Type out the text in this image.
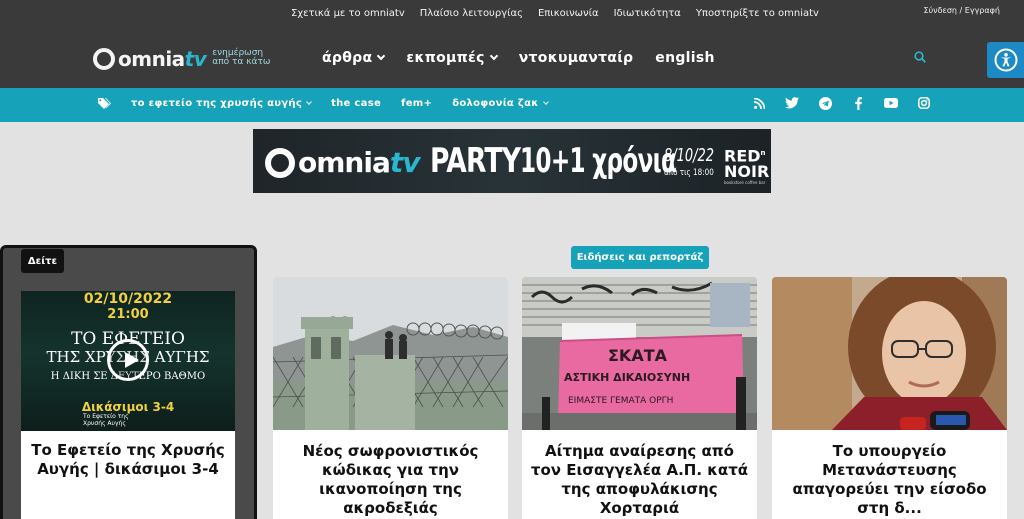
Σχετικά με το omniatv Πλαίσιο λειτουργίας Επικοινωνία Ιδιωτικότητα Υποστηρίξτε το omniatv	Σύνδεση / Εγγραφή
omniatv ενημέρωση
από τα κάτω	άρθρα εκπομπές ντοκυμανταίρ english
το εφετείο της χρυσής αυγής	the case fem+ δολοφονία ζακ
omniatv PARTY 10+1 χρόνια
8/10/22
από τις 18:00
RED$^n$
NOIR
bookstore coffee bar
Δείτε
02/10/2022
21:00
ΤΟ ΕΦΕΤΕΙΟ
ΤΗΣ ΧΡΥΣΗΣ ΑΥΓΗΣ
Η ΔΙΚΗ ΣΕ ΔΕΥΤΕΡΟ ΒΑΘΜΟ
Δικάσιμοι 3-4
Το Εφετείο της Χρυσής Αυγής
Το Εφετείο της Χρυσής Αυγής | δικάσιμοι 3-4
Ειδήσεις και ρεπορτάζ
Νέος σωφρονιστικός κώδικας για την ικανοποίηση της ακροδεξιάς
ΣΚΑΤΑ
ΑΣΤΙΚΗ ΔΙΚΑΙΟΣΥΝΗ
ΕΙΜΑΣΤΕ ΓΕΜΑΤΑ ΟΡΓΗ
Αίτημα αναίρεσης από τον Εισαγγελέα Α.Π. κατά της αποφυλάκισης Χορταριά
Το υπουργείο Μετανάστευσης απαγορεύει την είσοδο στη δ...
